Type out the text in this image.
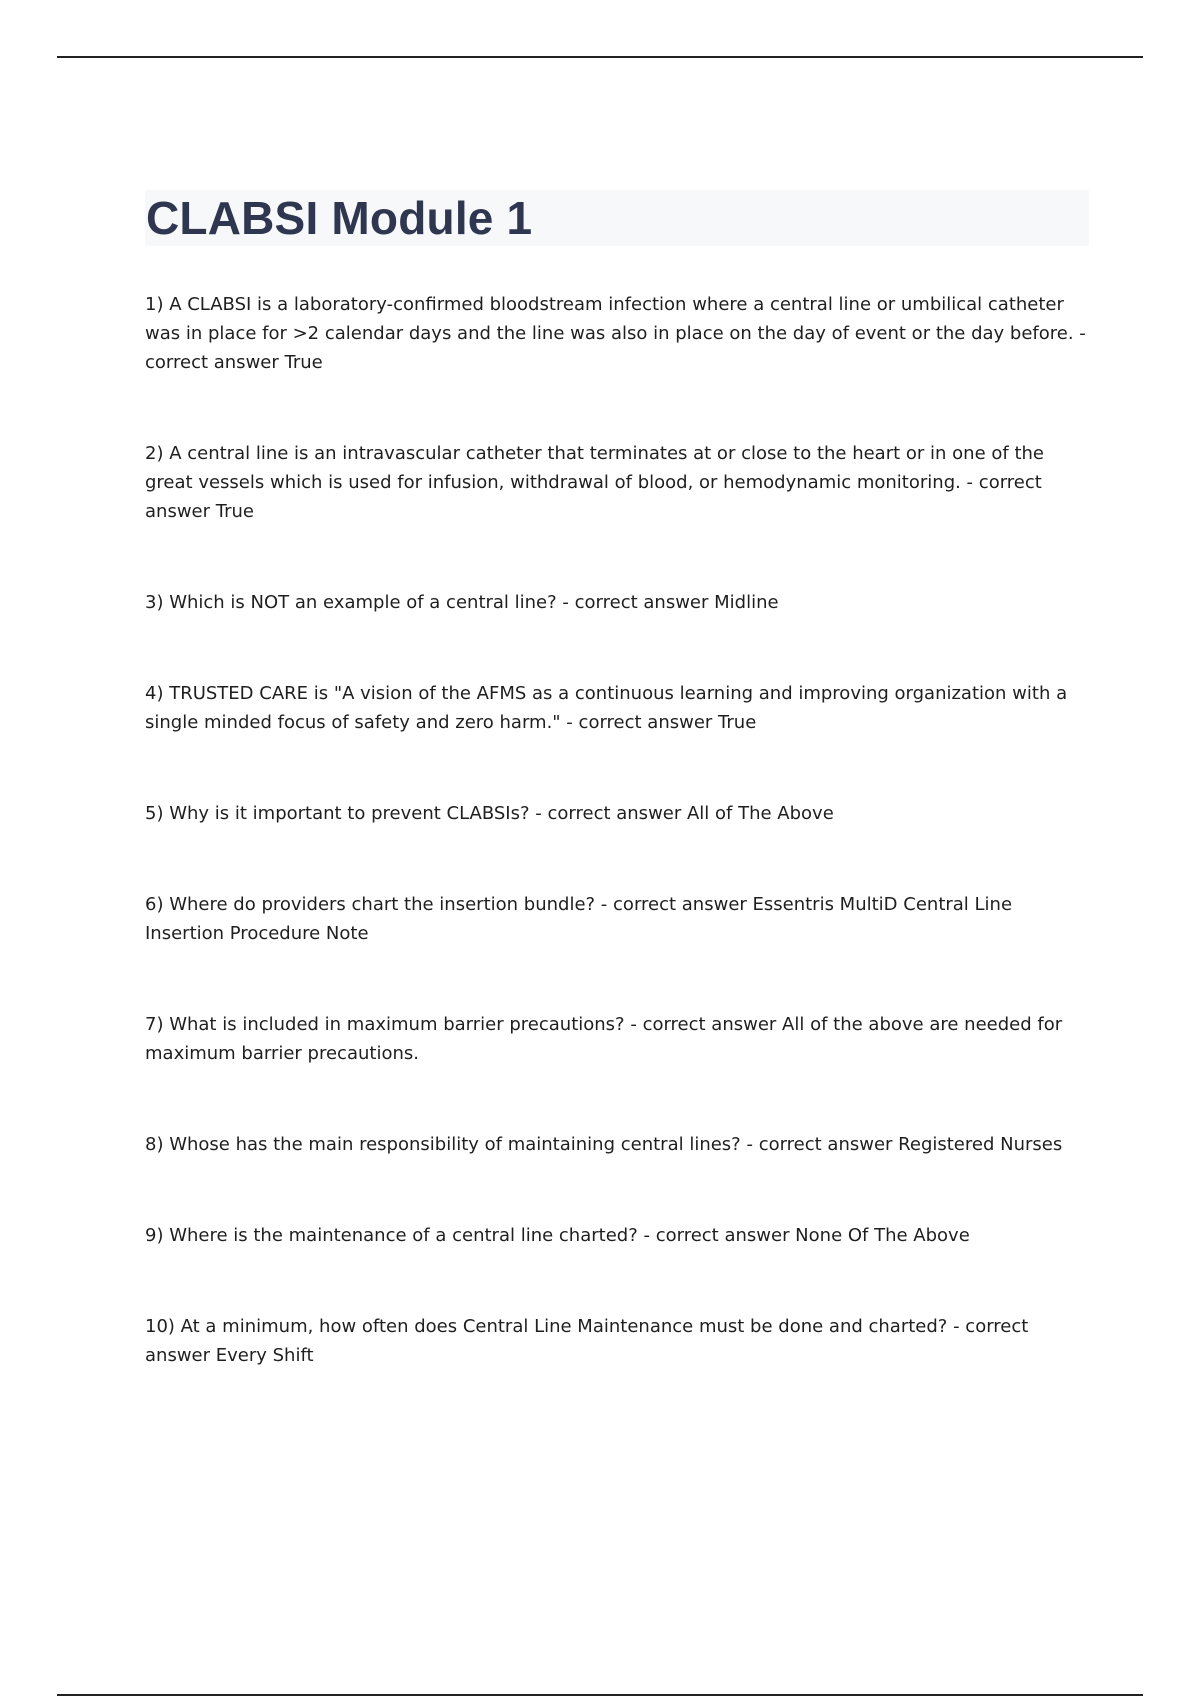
CLABSI Module 1

1) A CLABSI is a laboratory-confirmed bloodstream infection where a central line or umbilical catheter was in place for >2 calendar days and the line was also in place on the day of event or the day before. - correct answer True

2) A central line is an intravascular catheter that terminates at or close to the heart or in one of the great vessels which is used for infusion, withdrawal of blood, or hemodynamic monitoring. - correct answer True

3) Which is NOT an example of a central line? - correct answer Midline

4) TRUSTED CARE is "A vision of the AFMS as a continuous learning and improving organization with a single minded focus of safety and zero harm." - correct answer True

5) Why is it important to prevent CLABSIs? - correct answer All of The Above

6) Where do providers chart the insertion bundle? - correct answer Essentris MultiD Central Line Insertion Procedure Note

7) What is included in maximum barrier precautions? - correct answer All of the above are needed for maximum barrier precautions.

8) Whose has the main responsibility of maintaining central lines? - correct answer Registered Nurses

9) Where is the maintenance of a central line charted? - correct answer None Of The Above

10) At a minimum, how often does Central Line Maintenance must be done and charted? - correct answer Every Shift
